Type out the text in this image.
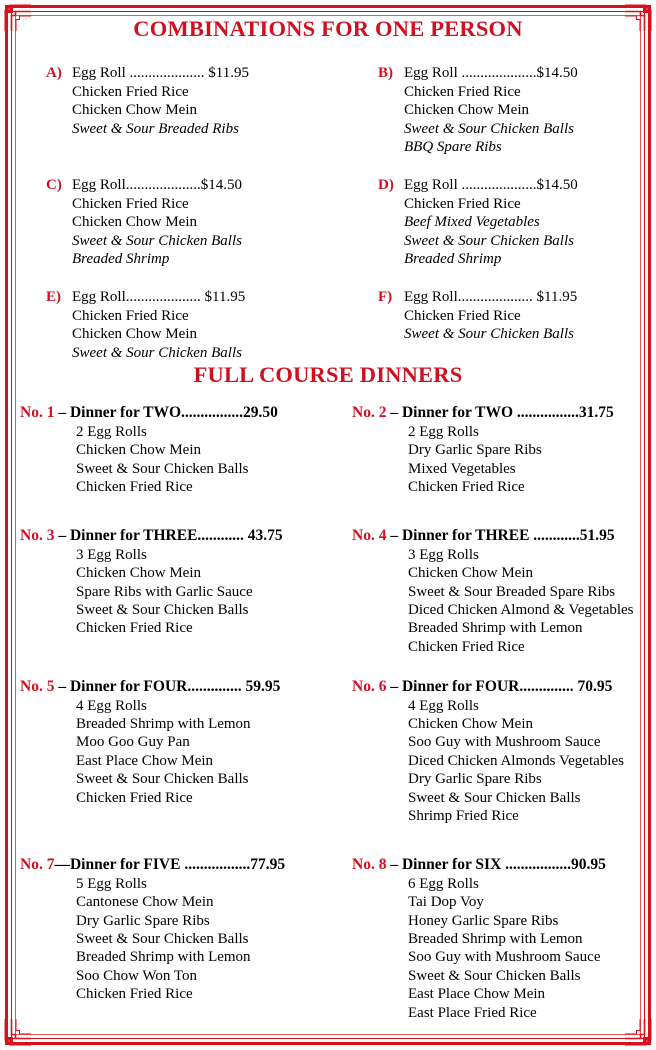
COMBINATIONS FOR ONE PERSON
A) Egg Roll .................... $11.95
Chicken Fried Rice
Chicken Chow Mein
Sweet & Sour Breaded Ribs
B) Egg Roll ....................$14.50
Chicken Fried Rice
Chicken Chow Mein
Sweet & Sour Chicken Balls
BBQ Spare Ribs
C) Egg Roll....................$14.50
Chicken Fried Rice
Chicken Chow Mein
Sweet & Sour Chicken Balls
Breaded Shrimp
D) Egg Roll ....................$14.50
Chicken Fried Rice
Beef Mixed Vegetables
Sweet & Sour Chicken Balls
Breaded Shrimp
E) Egg Roll.................... $11.95
Chicken Fried Rice
Chicken Chow Mein
Sweet & Sour Chicken Balls
F) Egg Roll.................... $11.95
Chicken Fried Rice
Sweet & Sour Chicken Balls
FULL COURSE DINNERS
No. 1 – Dinner for TWO................29.50
2 Egg Rolls
Chicken Chow Mein
Sweet & Sour Chicken Balls
Chicken Fried Rice
No. 2 – Dinner for TWO ................31.75
2 Egg Rolls
Dry Garlic Spare Ribs
Mixed Vegetables
Chicken Fried Rice
No. 3 – Dinner for THREE............ 43.75
3 Egg Rolls
Chicken Chow Mein
Spare Ribs with Garlic Sauce
Sweet & Sour Chicken Balls
Chicken Fried Rice
No. 4 – Dinner for THREE ............51.95
3 Egg Rolls
Chicken Chow Mein
Sweet & Sour Breaded Spare Ribs
Diced Chicken Almond & Vegetables
Breaded Shrimp with Lemon
Chicken Fried Rice
No. 5 – Dinner for FOUR.............. 59.95
4 Egg Rolls
Breaded Shrimp with Lemon
Moo Goo Guy Pan
East Place Chow Mein
Sweet & Sour Chicken Balls
Chicken Fried Rice
No. 6 – Dinner for FOUR.............. 70.95
4 Egg Rolls
Chicken Chow Mein
Soo Guy with Mushroom Sauce
Diced Chicken Almonds Vegetables
Dry Garlic Spare Ribs
Sweet & Sour Chicken Balls
Shrimp Fried Rice
No. 7—Dinner for FIVE .................77.95
5 Egg Rolls
Cantonese Chow Mein
Dry Garlic Spare Ribs
Sweet & Sour Chicken Balls
Breaded Shrimp with Lemon
Soo Chow Won Ton
Chicken Fried Rice
No. 8 – Dinner for SIX .................90.95
6 Egg Rolls
Tai Dop Voy
Honey Garlic Spare Ribs
Breaded Shrimp with Lemon
Soo Guy with Mushroom Sauce
Sweet & Sour Chicken Balls
East Place Chow Mein
East Place Fried Rice
